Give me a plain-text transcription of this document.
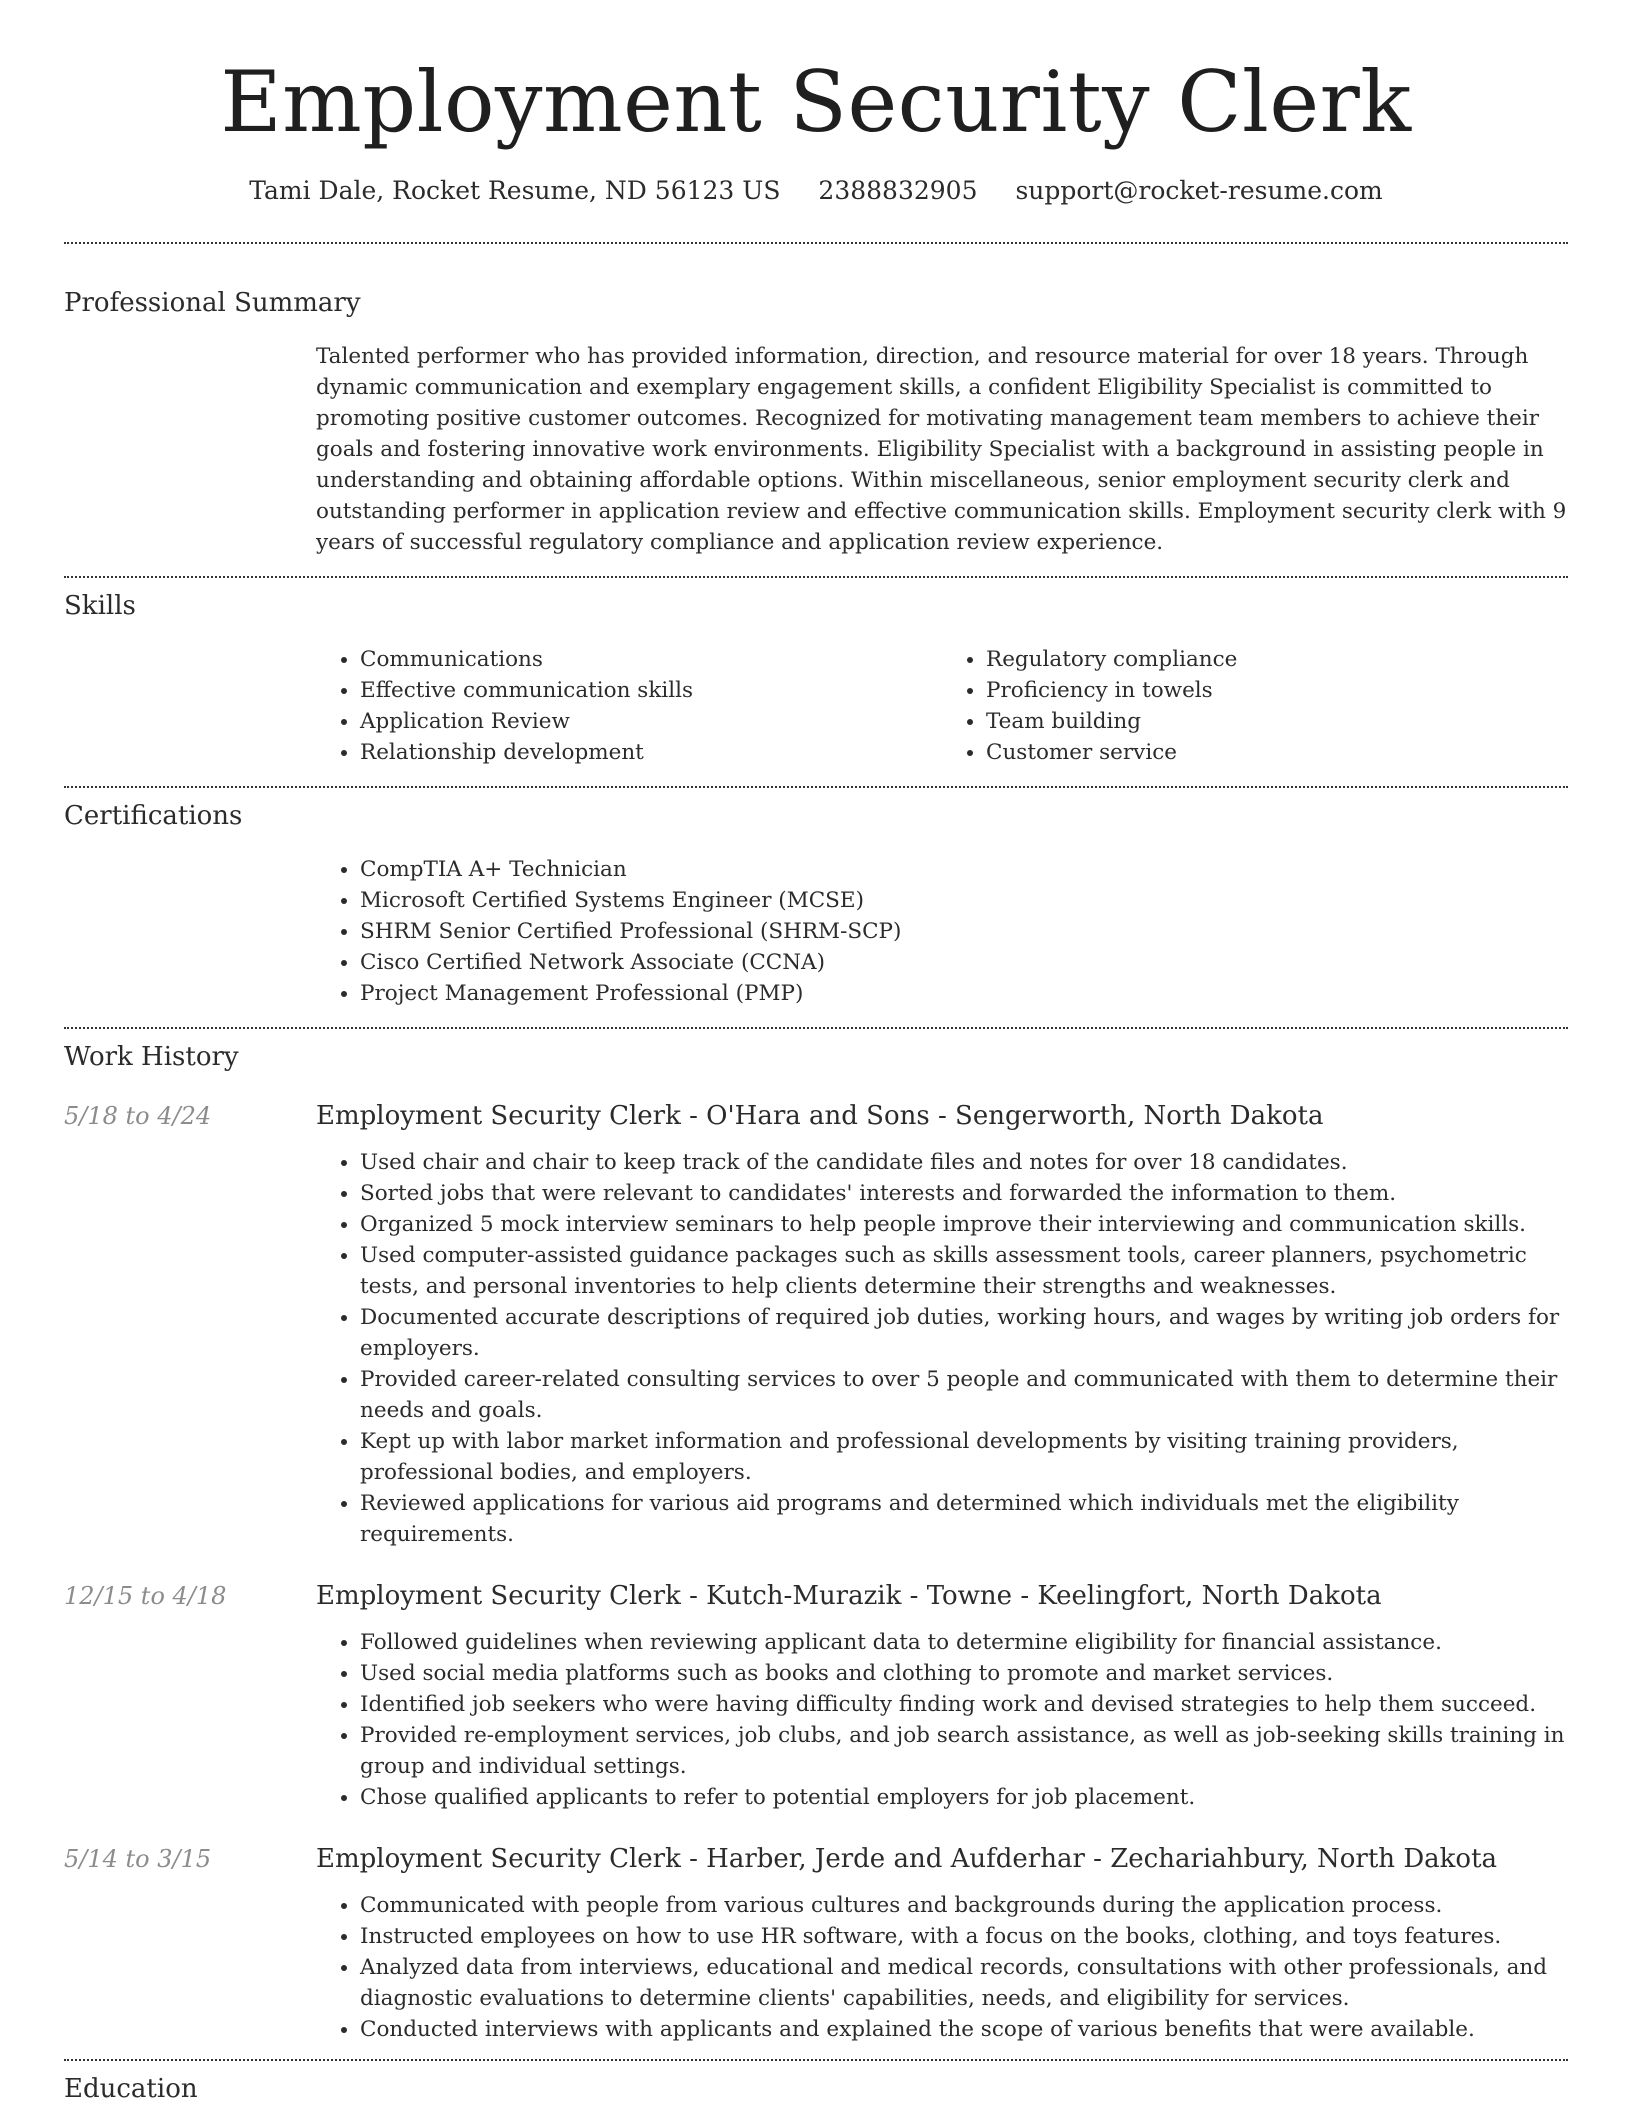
Employment Security Clerk
Tami Dale, Rocket Resume, ND 56123 US 2388832905 support@rocket-resume.com
Professional Summary

Talented performer who has provided information, direction, and resource material for over 18 years. Through dynamic communication and exemplary engagement skills, a confident Eligibility Specialist is committed to promoting positive customer outcomes. Recognized for motivating management team members to achieve their goals and fostering innovative work environments. Eligibility Specialist with a background in assisting people in understanding and obtaining affordable options. Within miscellaneous, senior employment security clerk and outstanding performer in application review and effective communication skills. Employment security clerk with 9 years of successful regulatory compliance and application review experience.

Skills
• Communications
• Effective communication skills
• Application Review
• Relationship development
• Regulatory compliance
• Proficiency in towels
• Team building
• Customer service
Certifications
• CompTIA A+ Technician
• Microsoft Certified Systems Engineer (MCSE)
• SHRM Senior Certified Professional (SHRM-SCP)
• Cisco Certified Network Associate (CCNA)
• Project Management Professional (PMP)
Work History
5/18 to 4/24	Employment Security Clerk - O'Hara and Sons - Sengerworth, North Dakota
• Used chair and chair to keep track of the candidate files and notes for over 18 candidates.
• Sorted jobs that were relevant to candidates' interests and forwarded the information to them.
• Organized 5 mock interview seminars to help people improve their interviewing and communication skills.
• Used computer-assisted guidance packages such as skills assessment tools, career planners, psychometric tests, and personal inventories to help clients determine their strengths and weaknesses.
• Documented accurate descriptions of required job duties, working hours, and wages by writing job orders for employers.
• Provided career-related consulting services to over 5 people and communicated with them to determine their needs and goals.
• Kept up with labor market information and professional developments by visiting training providers, professional bodies, and employers.
• Reviewed applications for various aid programs and determined which individuals met the eligibility requirements.
12/15 to 4/18	Employment Security Clerk - Kutch-Murazik - Towne - Keelingfort, North Dakota
• Followed guidelines when reviewing applicant data to determine eligibility for financial assistance.
• Used social media platforms such as books and clothing to promote and market services.
• Identified job seekers who were having difficulty finding work and devised strategies to help them succeed.
• Provided re-employment services, job clubs, and job search assistance, as well as job-seeking skills training in group and individual settings.
• Chose qualified applicants to refer to potential employers for job placement.
5/14 to 3/15	Employment Security Clerk - Harber, Jerde and Aufderhar - Zechariahbury, North Dakota
• Communicated with people from various cultures and backgrounds during the application process.
• Instructed employees on how to use HR software, with a focus on the books, clothing, and toys features.
• Analyzed data from interviews, educational and medical records, consultations with other professionals, and diagnostic evaluations to determine clients' capabilities, needs, and eligibility for services.
• Conducted interviews with applicants and explained the scope of various benefits that were available.
Education
